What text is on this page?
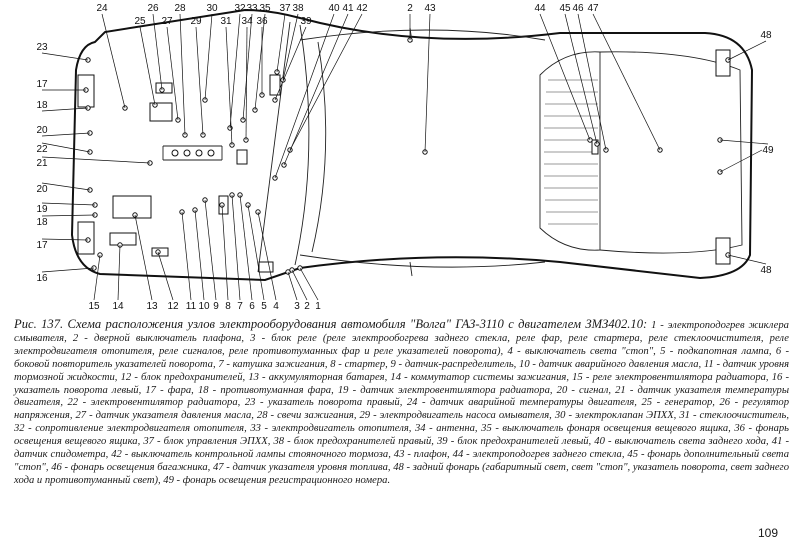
24	26 28 30 32 33 35 37 38 40 41 42	2 43	44 45 46 47
25 27 29 31 34 36	39
23
17
18
20
22
21
20
19
18
17
16
15 14 13 12 11 10 9 8 7 6 5 4 3 2 1
48
49
48
Рис. 137. Схема расположения узлов электрооборудования автомобиля "Волга" ГАЗ-3110 с двигателем ЗМЗ402.10: 1 - электроподогрев жиклера смывателя, 2 - дверной выключатель плафона, 3 - блок реле (реле электрообогрева заднего стекла, реле фар, реле стартера, реле стеклоочистителя, реле электродвигателя отопителя, реле сигналов, реле противотуманных фар и реле указателей поворота), 4 - выключатель света "стоп", 5 - подкапотная лампа, 6 - боковой повторитель указателей поворота, 7 - катушка зажигания, 8 - стартер, 9 - датчик-распределитель, 10 - датчик аварийного давления масла, 11 - датчик уровня тормозной жидкости, 12 - блок предохранителей, 13 - аккумуляторная батарея, 14 - коммутатор системы зажигания, 15 - реле электровентилятора радиатора, 16 - указатель поворота левый, 17 - фара, 18 - противотуманная фара, 19 - датчик электровентилятора радиатора, 20 - сигнал, 21 - датчик указателя температуры двигателя, 22 - электровентилятор радиатора, 23 - указатель поворота правый, 24 - датчик аварийной температуры двигателя, 25 - генератор, 26 - регулятор напряжения, 27 - датчик указателя давления масла, 28 - свечи зажигания, 29 - электродвигатель насоса омывателя, 30 - электроклапан ЭПХХ, 31 - стеклоочиститель, 32 - сопротивление электродвигателя отопителя, 33 - электродвигатель отопителя, 34 - антенна, 35 - выключатель фонаря освещения вещевого ящика, 36 - фонарь освещения вещевого ящика, 37 - блок управления ЭПХХ, 38 - блок предохранителей правый, 39 - блок предохранителей левый, 40 - выключатель света заднего хода, 41 - датчик спидометра, 42 - выключатель контрольной лампы стояночного тормоза, 43 - плафон, 44 - электроподогрев заднего стекла, 45 - фонарь дополнительный света "стоп", 46 - фонарь освещения багажника, 47 - датчик указателя уровня топлива, 48 - задний фонарь (габаритный свет, свет "стоп", указатель поворота, свет заднего хода и противотуманный свет), 49 - фонарь освещения регистрационного номера.
109
